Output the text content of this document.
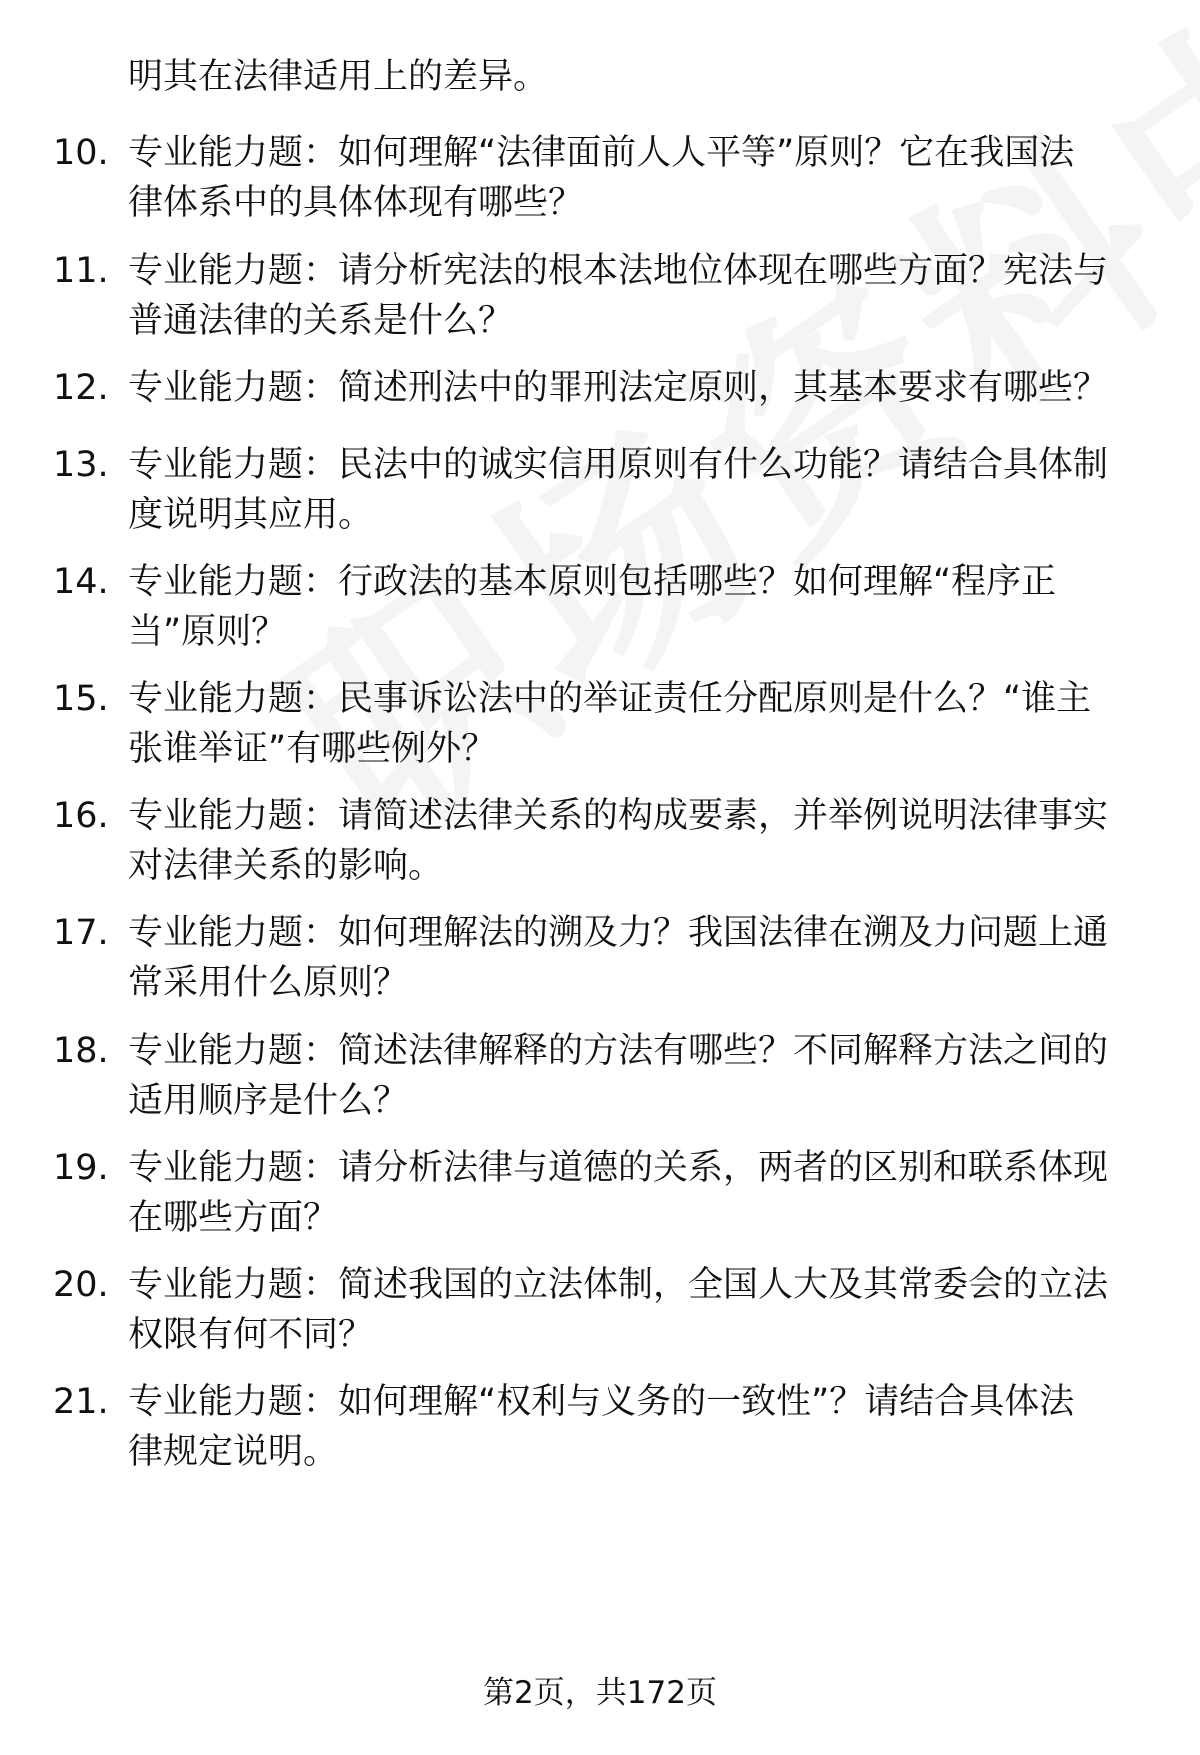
明其在法律适用上的差异。
10. 专业能力题：如何理解“法律面前人人平等”原则？它在我国法
律体系中的具体体现有哪些？
11. 专业能力题：请分析宪法的根本法地位体现在哪些方面？宪法与
普通法律的关系是什么？
12. 专业能力题：简述刑法中的罪刑法定原则，其基本要求有哪些？
13. 专业能力题：民法中的诚实信用原则有什么功能？请结合具体制
度说明其应用。
14. 专业能力题：行政法的基本原则包括哪些？如何理解“程序正
当”原则？
15. 专业能力题：民事诉讼法中的举证责任分配原则是什么？“谁主
张谁举证”有哪些例外？
16. 专业能力题：请简述法律关系的构成要素，并举例说明法律事实
对法律关系的影响。
17. 专业能力题：如何理解法的溯及力？我国法律在溯及力问题上通
常采用什么原则？
18. 专业能力题：简述法律解释的方法有哪些？不同解释方法之间的
适用顺序是什么？
19. 专业能力题：请分析法律与道德的关系，两者的区别和联系体现
在哪些方面？
20. 专业能力题：简述我国的立法体制，全国人大及其常委会的立法
权限有何不同？
21. 专业能力题：如何理解“权利与义务的一致性”？请结合具体法
律规定说明。
第2页，共172页
